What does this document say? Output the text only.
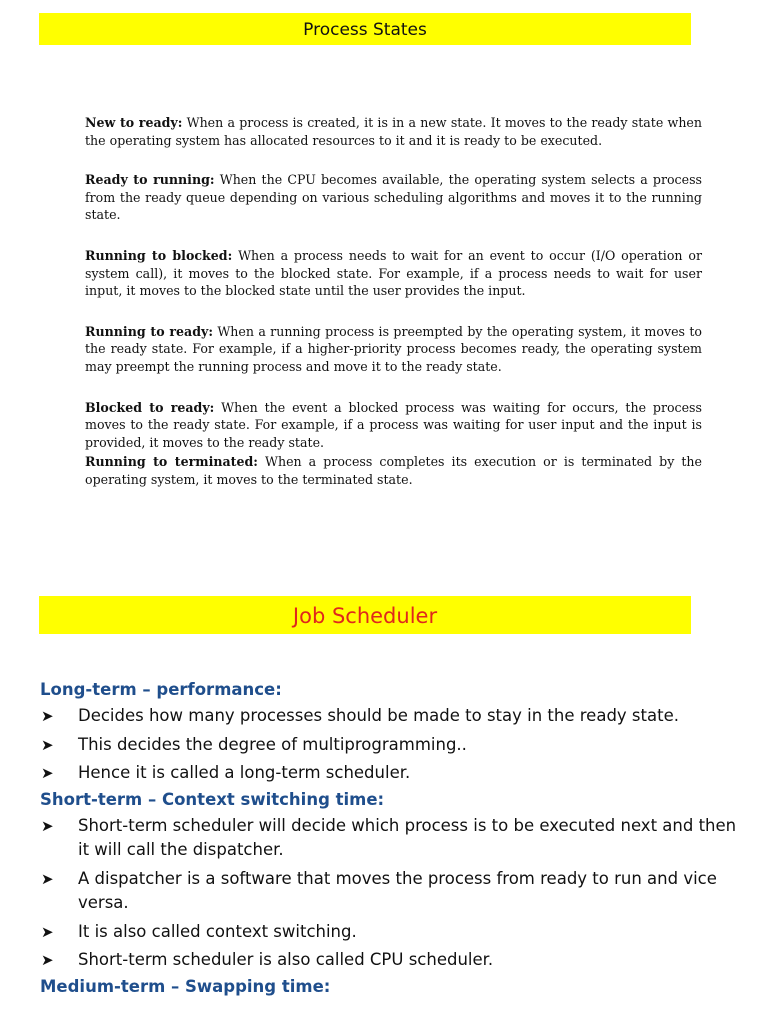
Process States

New to ready: When a process is created, it is in a new state. It moves to the ready state when the operating system has allocated resources to it and it is ready to be executed.

Ready to running: When the CPU becomes available, the operating system selects a process from the ready queue depending on various scheduling algorithms and moves it to the running state.

Running to blocked: When a process needs to wait for an event to occur (I/O operation or system call), it moves to the blocked state. For example, if a process needs to wait for user input, it moves to the blocked state until the user provides the input.

Running to ready: When a running process is preempted by the operating system, it moves to the ready state. For example, if a higher-priority process becomes ready, the operating system may preempt the running process and move it to the ready state.

Blocked to ready: When the event a blocked process was waiting for occurs, the process moves to the ready state. For example, if a process was waiting for user input and the input is provided, it moves to the ready state.

Running to terminated: When a process completes its execution or is terminated by the operating system, it moves to the terminated state.

Job Scheduler

Long-term – performance:

➤ Decides how many processes should be made to stay in the ready state.
➤ This decides the degree of multiprogramming..
➤ Hence it is called a long-term scheduler.

Short-term – Context switching time:

➤ Short-term scheduler will decide which process is to be executed next and then it will call the dispatcher.
➤ A dispatcher is a software that moves the process from ready to run and vice versa.
➤ It is also called context switching.
➤ Short-term scheduler is also called CPU scheduler.

Medium-term – Swapping time:
